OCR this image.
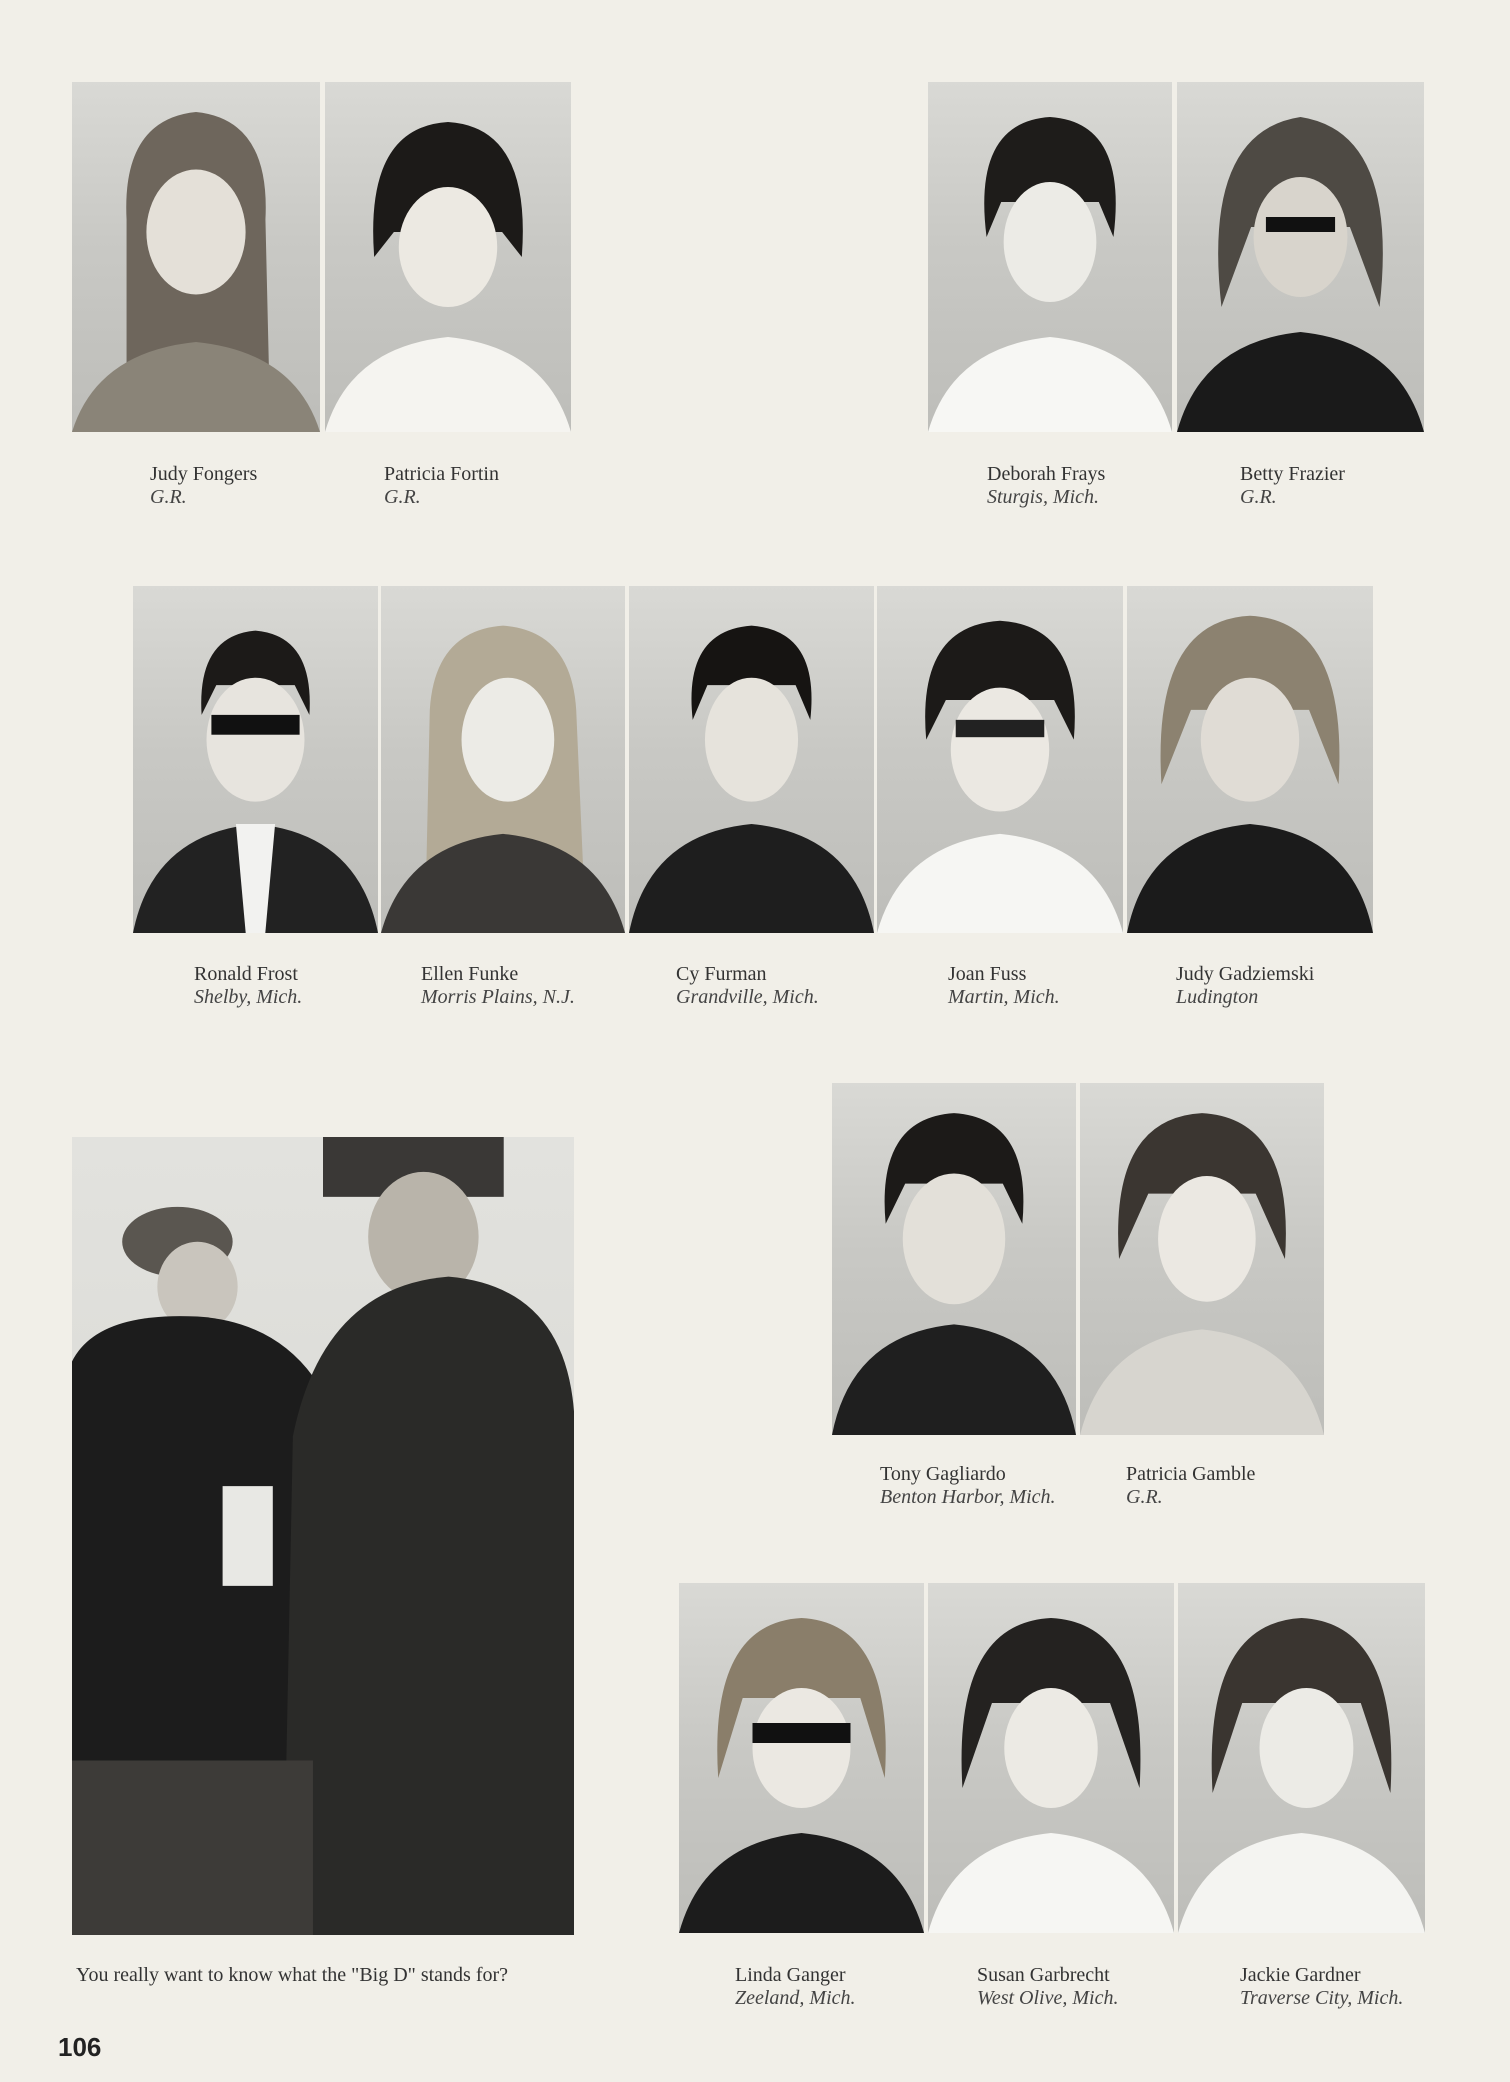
Judy Fongers
G.R.
Patricia Fortin
G.R.
Deborah Frays
Sturgis, Mich.
Betty Frazier
G.R.
Ronald Frost
Shelby, Mich.
Ellen Funke
Morris Plains, N.J.
Cy Furman
Grandville, Mich.
Joan Fuss
Martin, Mich.
Judy Gadziemski
Ludington
Tony Gagliardo
Benton Harbor, Mich.
Patricia Gamble
G.R.
You really want to know what the "Big D" stands for?	Linda Ganger
Zeeland, Mich.
Susan Garbrecht
West Olive, Mich.
Jackie Gardner
Traverse City, Mich.
106
